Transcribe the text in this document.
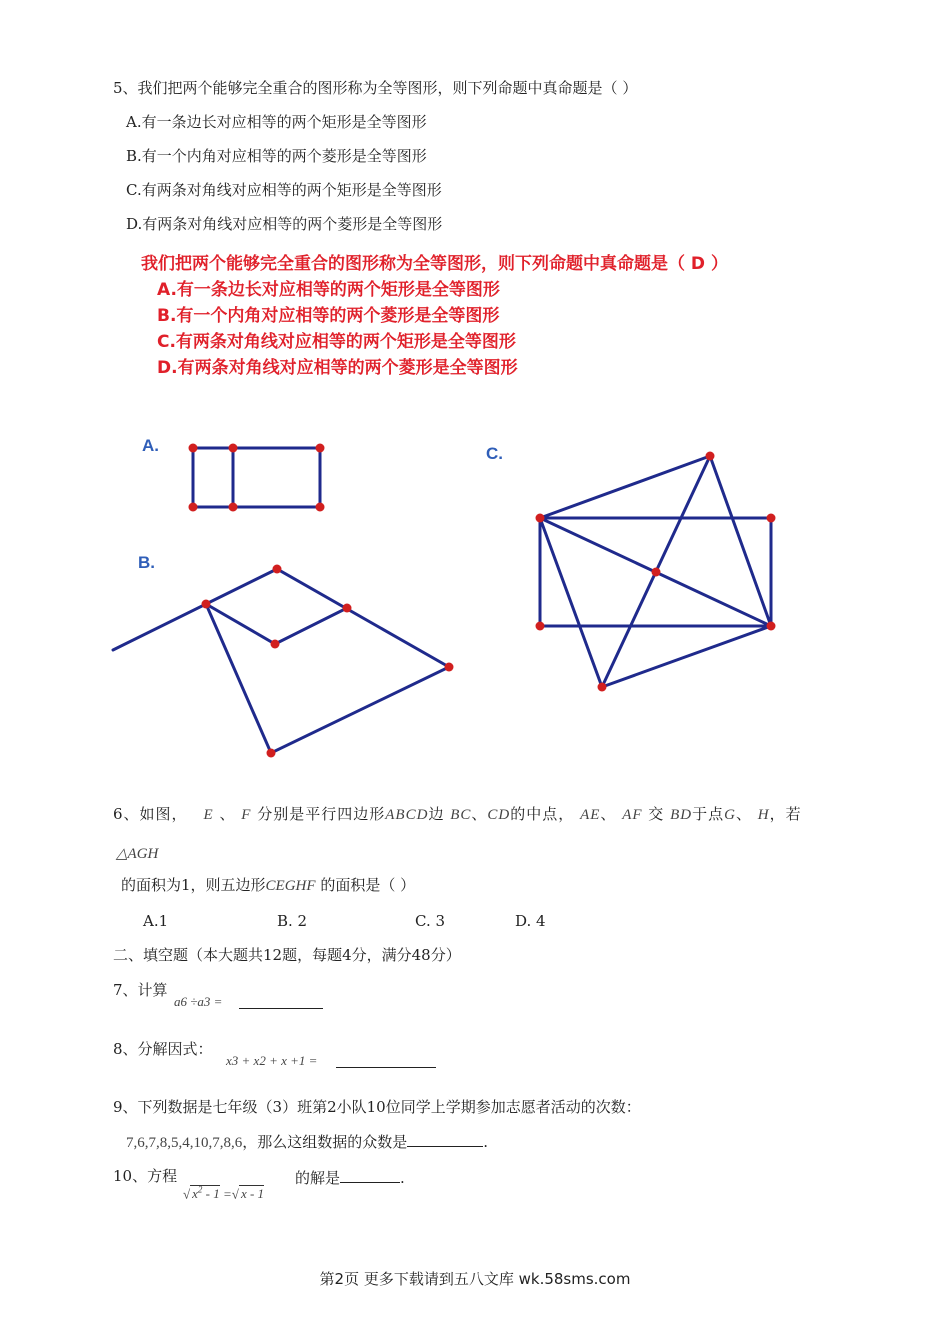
5、我们把两个能够完全重合的图形称为全等图形，则下列命题中真命题是（ ）
A.有一条边长对应相等的两个矩形是全等图形
B.有一个内角对应相等的两个菱形是全等图形
C.有两条对角线对应相等的两个矩形是全等图形
D.有两条对角线对应相等的两个菱形是全等图形
我们把两个能够完全重合的图形称为全等图形，则下列命题中真命题是（ D ）
A.有一条边长对应相等的两个矩形是全等图形
B.有一个内角对应相等的两个菱形是全等图形
C.有两条对角线对应相等的两个矩形是全等图形
D.有两条对角线对应相等的两个菱形是全等图形
A.
B.
C.
6、如图， E 、 F 分别是平行四边形ABCD边 BC、CD的中点， AE、 AF 交 BD于点G、 H，若
△AGH
的面积为1，则五边形CEGHF 的面积是（ ）
A.1	B. 2	C. 3	D. 4
二、填空题（本大题共12题，每题4分，满分48分）
7、计算
a6 ÷a3 =
8、分解因式：
x3 + x2 + x +1 =
9、下列数据是七年级（3）班第2小队10位同学上学期参加志愿者活动的次数：
7,6,7,8,5,4,10,7,8,6，那么这组数据的众数是	.
10、方程
√ $x^2 - 1$ =√ x - 1
的解是	.
第2页 更多下载请到五八文库 wk.58sms.com
